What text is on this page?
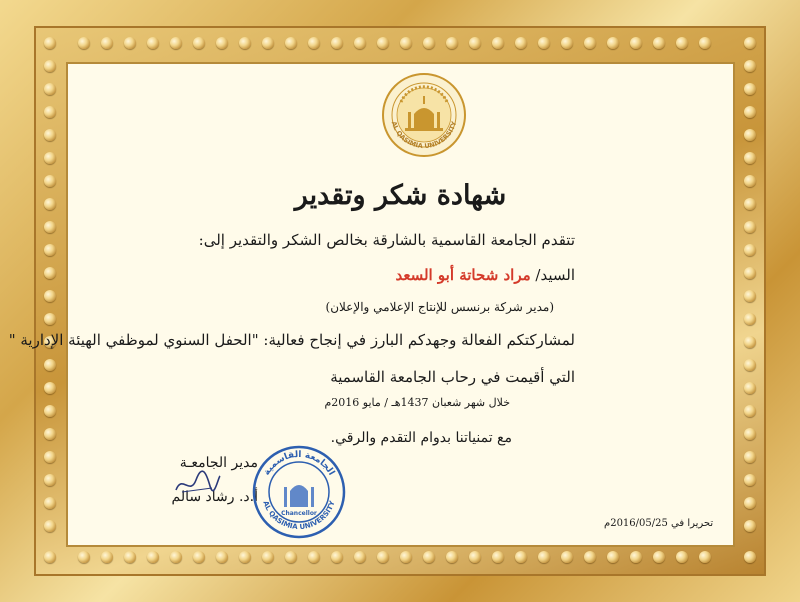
AL QASIMIA UNIVERSITY
شهادة شكر وتقدير
تتقدم الجامعة القاسمية بالشارقة بخالص الشكر والتقدير إلى:
السيد/ مراد شحاتة أبو السعد
(مدير شركة برنسس للإنتاج الإعلامي والإعلان)
لمشاركتكم الفعالة وجهدكم البارز في إنجاح فعالية: "الحفل السنوي لموظفي الهيئة الإدارية "
التي أقيمت في رحاب الجامعة القاسمية
خلال شهر شعبان 1437هـ / مايو 2016م
مع تمنياتنا بدوام التقدم والرقي.
مدير الجامعـة
أ.د. رشاد سالم
الجامعة القاسمية
AL QASIMIA UNIVERSITY
Chancellor
تحريرا في 2016/05/25م
